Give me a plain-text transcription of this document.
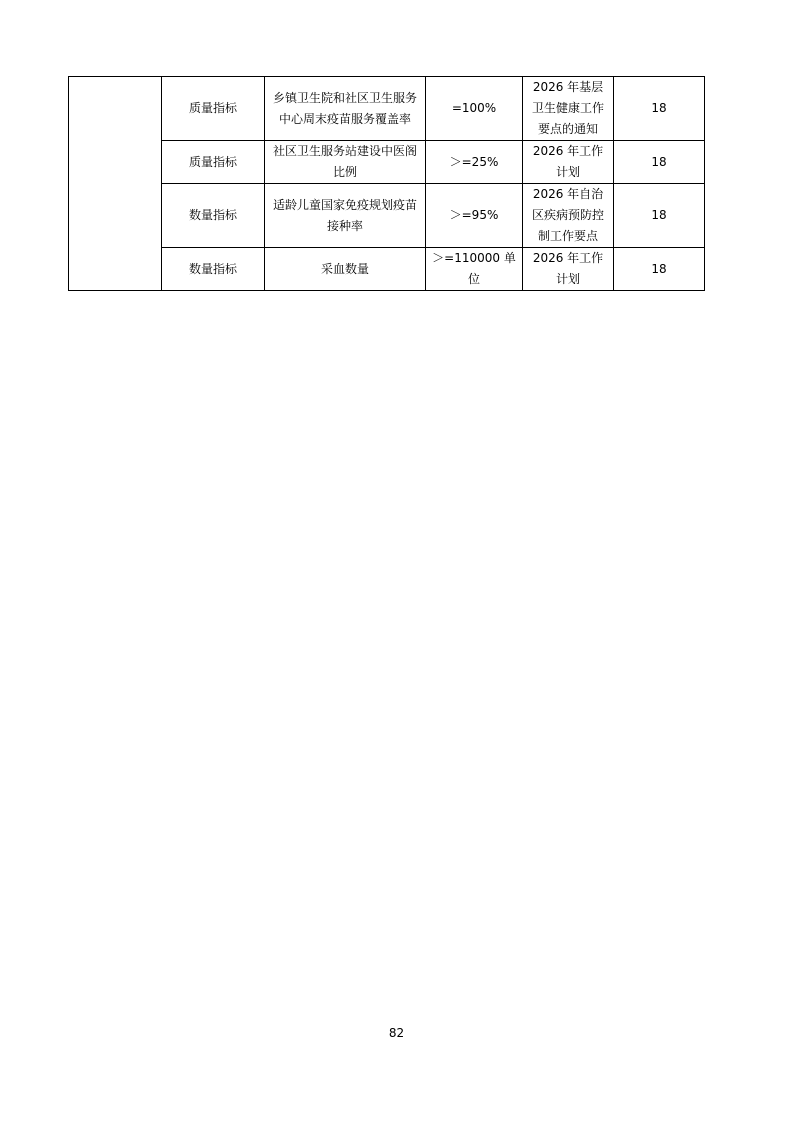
	质量指标	乡镇卫生院和社区卫生服务中心周末疫苗服务覆盖率	=100%	2026 年基层卫生健康工作要点的通知	18
	质量指标	社区卫生服务站建设中医阁比例	＞=25%	2026 年工作计划	18
	数量指标	适龄儿童国家免疫规划疫苗接种率	＞=95%	2026 年自治区疾病预防控制工作要点	18
	数量指标	采血数量	＞=110000 单位	2026 年工作计划	18
82
